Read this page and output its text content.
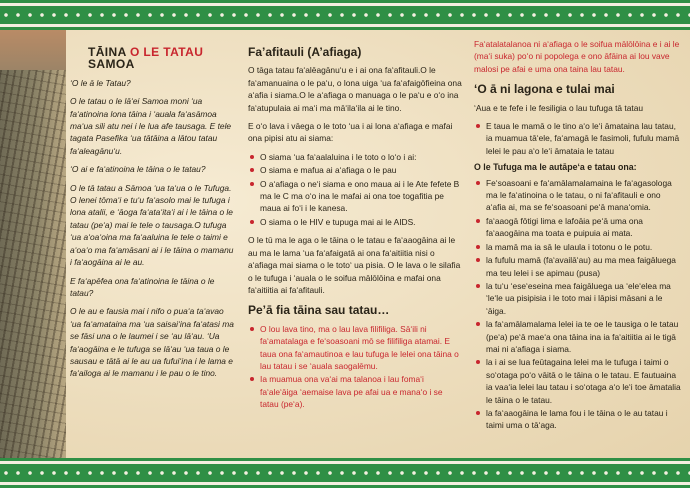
TĀINA O LE TATAU SAMOA

‘O le ā le Tatau?

O le tatau o le lā‘ei Samoa moni ‘ua fa‘atinoina lona tāina i ‘auala fa‘asāmoa ma‘ua sili atu nei i le lua afe tausaga. E tele tagata Pasefika ‘ua tātāina a lātou tatau fa‘aleagānu‘u.

‘O ai e fa‘atinoina le tāina o le tatau?

O le tā tatau a Sāmoa ‘ua ta‘ua o le Tufuga. O lenei tōma‘i e tu‘u fa‘asolo mai le tufuga i lona atalii, e ‘āoga fa‘ata‘ita‘i ai i le tāina o le tatau (pe‘a) mai le tele o tausaga.O tufuga ‘ua a‘oa‘oina ma fa‘aaluina le tele o taimi e a‘oa‘o ma fa‘amāsani ai i le tāina o mamanu i fa‘aogāina ai le au.

E fa‘apēfea ona fa‘atinoina le tāina o le tatau?

O le au e fausia mai i nifo o pua‘a ta‘avao ‘ua fa‘amataina ma ‘ua saisai‘ina fa‘atasi ma se fāsi una o le laumei i se ‘au lā‘au. ‘Ua fa‘aogāina e le tufuga se lā‘au ‘ua taua o le sausau e tātā ai le au ua fufui‘ina i le lama e fa‘ailoga ai le mamanu i le pau o le tino.

Fa’afitauli (A’afiaga)

O tāga tatau fa‘alēagānu‘u e i ai ona fa‘afitauli.O le fa‘amanuaina o le pa‘u, o lona uiga ‘ua fa‘afaigōfieina ona a‘afia i siama.O le a‘afiaga o manuaga o le pa‘u e o‘o ina fa‘atupulaia ai ma‘i ma mā‘ila‘ila ai le tino.

E o‘o lava i vāega o le toto ‘ua i ai lona a‘afiaga e mafai ona pipisi atu ai siama:

O siama ‘ua fa‘aalaluina i le toto o lo‘o i ai:
O siama e mafua ai a‘afiaga o le pau
O a‘afiaga o ne‘i siama e ono maua ai i le Ate fefete B ma le C ma o‘o ina le mafai ai ona toe togafitia pe maua ai fo‘i i le kanesa.
O siama o le HIV e tupuga mai ai le AIDS.

O le tū ma le aga o le tāina o le tatau e fa‘aaogāina ai le au ma le lama ‘ua fa‘afaigatā ai ona fa‘aitiitia nisi o a‘afiaga mai siama o le toto‘ ua pisia. O le lava o le silafia o le tufuga i ‘auala o le soifua mālōlōina e mafai ona fa‘aitiitia ai fa‘afitauli.

Pe’ā fia tāina sau tatau…
O lou lava tino, ma o lau lava filifiliga. Sā‘ili ni fa‘amatalaga e fe‘soasoani mō se filifiliga atamai. E taua ona fa‘amautinoa e lau tufuga le lelei ona tāina o lau tatau i se ‘auala saogalēmu.
Ia muamua ona va‘ai ma talanoa i lau foma‘i fa‘ale‘āiga ‘aemaise lava pe afai ua e mana‘o i se tatau (pe‘a).

Fa‘atalatalanoa ni a‘afiaga o le soifua mālōlōina e i ai le (ma‘i suka) po‘o ni popolega e ono āfāina ai lou vave malosi pe afai e uma ona taina lau tatau.

‘O ā ni lagona e tulai mai

‘Aua e te fefe i le fesiligia o lau tufuga tā tatau

E taua le mamā o le tino a‘o le‘i āmataina lau tatau, ia muamua tā‘ele, fa‘amagā le fasimoli, fufulu mamā lelei le pau a‘o le‘i āmataia le tatau
O le Tufuga ma le autāpe‘a e tatau ona:
Fe‘soasoani e fa‘amālamalamaina le fa‘agasologa ma le fa‘atinoina o le tatau, o ni fa‘afitauli e ono a‘afia ai, ma se fe‘soasoani pe‘ā mana‘omia.
fa‘aaogā fōtigi lima e lafoāia pe‘ā uma ona fa‘aaogāina ma toata e puipuia ai mata.
la mamā ma ia sā le ulaula i totonu o le potu.
la fufulu mamā (fa‘availā‘au) au ma mea faigāluega ma teu lelei i se apimau (pusa)
la tu‘u ‘ese‘eseina mea faigāluega ua ‘ele‘elea ma ‘le‘le ua pisipisia i le toto mai i lāpisi māsani a le ‘āiga.
la fa‘amālamalama lelei ia te oe le tausiga o le tatau (pe‘a) pe‘ā mae‘a ona tāina ina ia fa‘aitiitia ai le tigā mai ni a‘afiaga i siama.
la i ai se lua feūtagaina lelei ma le tufuga i taimi o so‘otaga po‘o vāitā o le tāina o le tatau. E fautuaina ia vaa‘ia lelei lau tatau i so‘otaga a‘o le‘i toe āmatalia le tāina o le tatau.
la fa‘aaogāina le lama fou i le tāina o le au tatau i taimi uma o tā‘aga.
